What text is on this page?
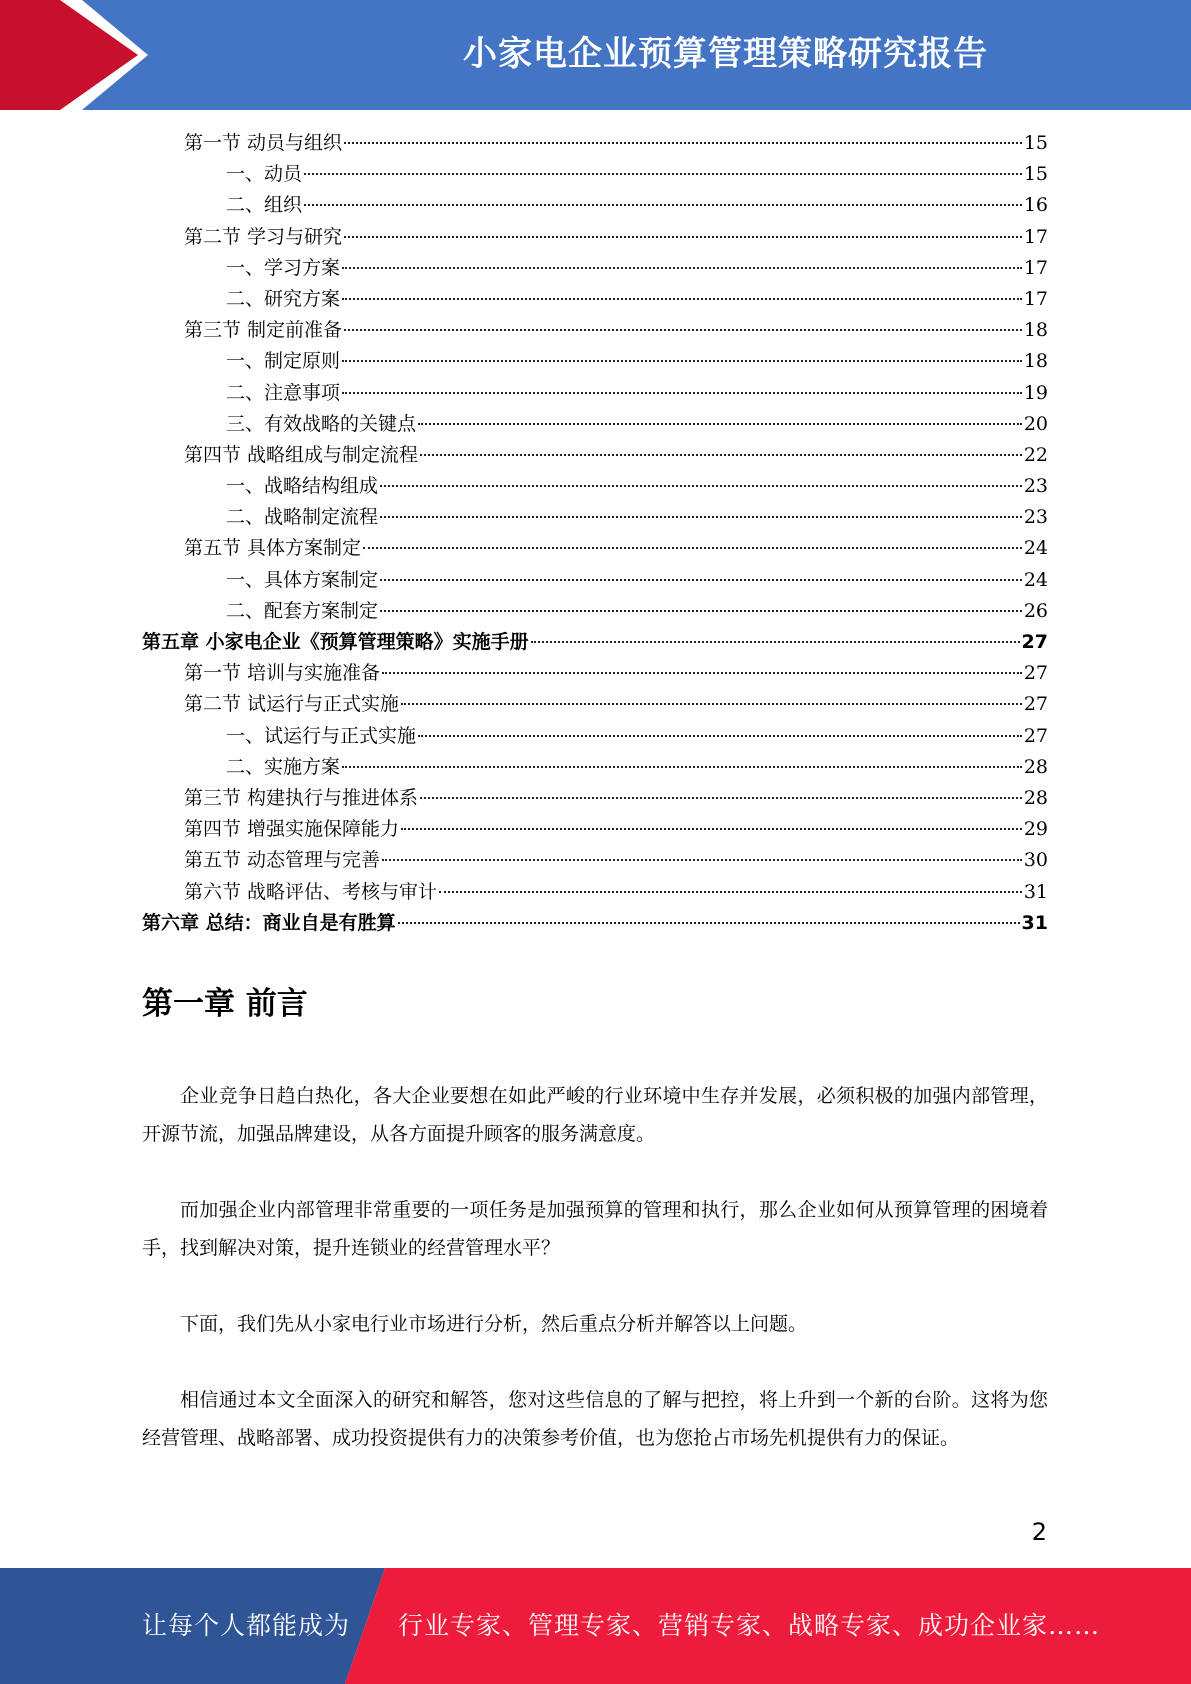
小家电企业预算管理策略研究报告
第一节 动员与组织	15
一、动员	15
二、组织	16
第二节 学习与研究	17
一、学习方案	17
二、研究方案	17
第三节 制定前准备	18
一、制定原则	18
二、注意事项	19
三、有效战略的关键点	20
第四节 战略组成与制定流程	22
一、战略结构组成	23
二、战略制定流程	23
第五节 具体方案制定	24
一、具体方案制定	24
二、配套方案制定	26
第五章 小家电企业《预算管理策略》实施手册	27
第一节 培训与实施准备	27
第二节 试运行与正式实施	27
一、试运行与正式实施	27
二、实施方案	28
第三节 构建执行与推进体系	28
第四节 增强实施保障能力	29
第五节 动态管理与完善	30
第六节 战略评估、考核与审计	31
第六章 总结：商业自是有胜算	31
第一章 前言

企业竞争日趋白热化，各大企业要想在如此严峻的行业环境中生存并发展，必须积极的加强内部管理，开源节流，加强品牌建设，从各方面提升顾客的服务满意度。

而加强企业内部管理非常重要的一项任务是加强预算的管理和执行，那么企业如何从预算管理的困境着手，找到解决对策，提升连锁业的经营管理水平？

下面，我们先从小家电行业市场进行分析，然后重点分析并解答以上问题。

相信通过本文全面深入的研究和解答，您对这些信息的了解与把控，将上升到一个新的台阶。这将为您经营管理、战略部署、成功投资提供有力的决策参考价值，也为您抢占市场先机提供有力的保证。

2
让每个人都能成为 行业专家、管理专家、营销专家、战略专家、成功企业家……
